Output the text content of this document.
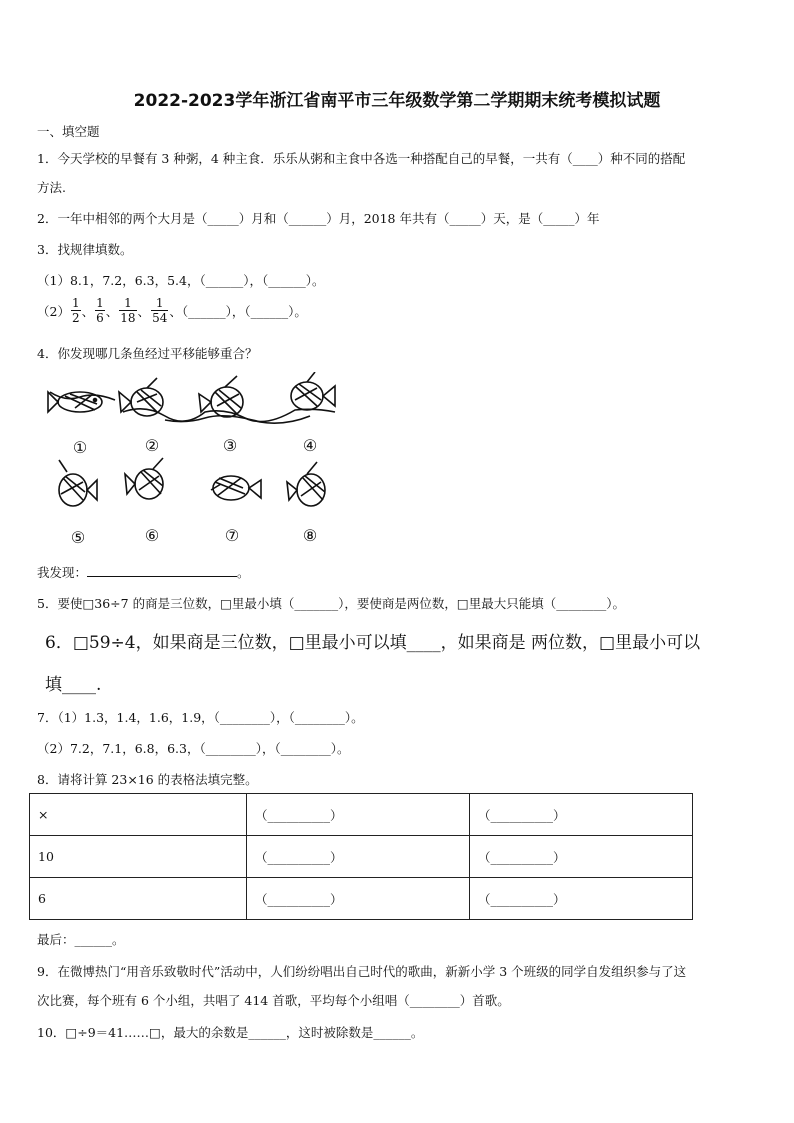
2022-2023学年浙江省南平市三年级数学第二学期期末统考模拟试题
一、填空题
1．今天学校的早餐有 3 种粥，4 种主食．乐乐从粥和主食中各选一种搭配自己的早餐，一共有（____）种不同的搭配
方法.
2．一年中相邻的两个大月是（_____）月和（______）月，2018 年共有（_____）天，是（_____）年
3．找规律填数。
（1）8.1，7.2，6.3，5.4，（______），（______）。
$(2) \frac{1}{2}$ 、 $\frac{1}{6}$ 、 $\frac{1}{18}$ 、 $\frac{1}{54}$ 、（______），（______）。
4．你发现哪几条鱼经过平移能够重合？
①	②	③	④
⑤	⑥	⑦	⑧
我发现：	。
5．要使□36÷7 的商是三位数，□里最小填（_______），要使商是两位数，□里最大只能填（________）。
6．□59÷4，如果商是三位数，□里最小可以填____，如果商是 两位数，□里最小可以
填____.
7．（1）1.3，1.4，1.6，1.9，（________），（________）。
（2）7.2，7.1，6.8，6.3，（________），（________）。
8．请将计算 23×16 的表格法填完整。
×	（__________）	（__________）
10	（__________）	（__________）
6	（__________）	（__________）
最后：______。
9．在微博热门“用音乐致敬时代”活动中，人们纷纷唱出自己时代的歌曲，新新小学 3 个班级的同学自发组织参与了这
次比赛，每个班有 6 个小组，共唱了 414 首歌，平均每个小组唱（________）首歌。
10．□÷9＝41……□，最大的余数是______，这时被除数是______。
